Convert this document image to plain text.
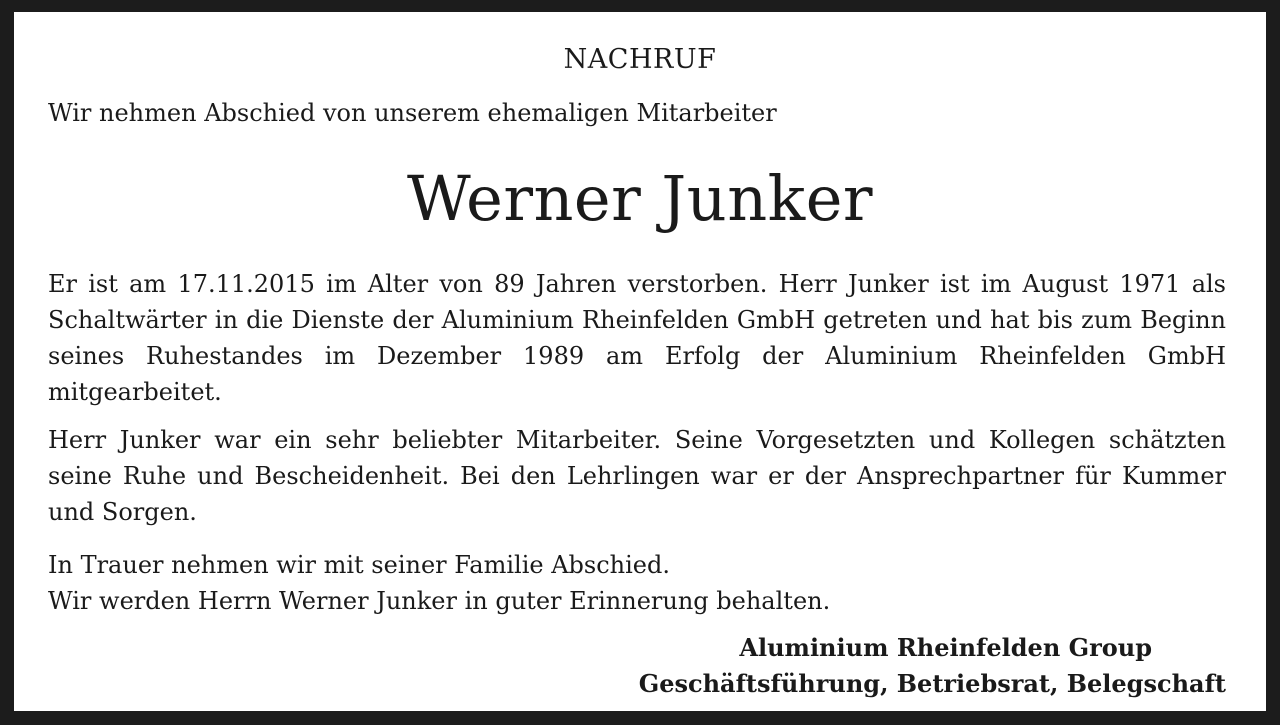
NACHRUF
Wir nehmen Abschied von unserem ehemaligen Mitarbeiter
Werner Junker

Er ist am 17.11.2015 im Alter von 89 Jahren verstorben. Herr Junker ist im August 1971 als Schaltwärter in die Dienste der Aluminium Rheinfelden GmbH getreten und hat bis zum Beginn seines Ruhestandes im Dezember 1989 am Erfolg der Aluminium Rheinfelden GmbH mitgearbeitet.

Herr Junker war ein sehr beliebter Mitarbeiter. Seine Vorgesetzten und Kollegen schätzten seine Ruhe und Bescheidenheit. Bei den Lehrlingen war er der Ansprechpartner für Kummer und Sorgen.

In Trauer nehmen wir mit seiner Familie Abschied.
Wir werden Herrn Werner Junker in guter Erinnerung behalten.
Aluminium Rheinfelden Group
Geschäftsführung, Betriebsrat, Belegschaft
